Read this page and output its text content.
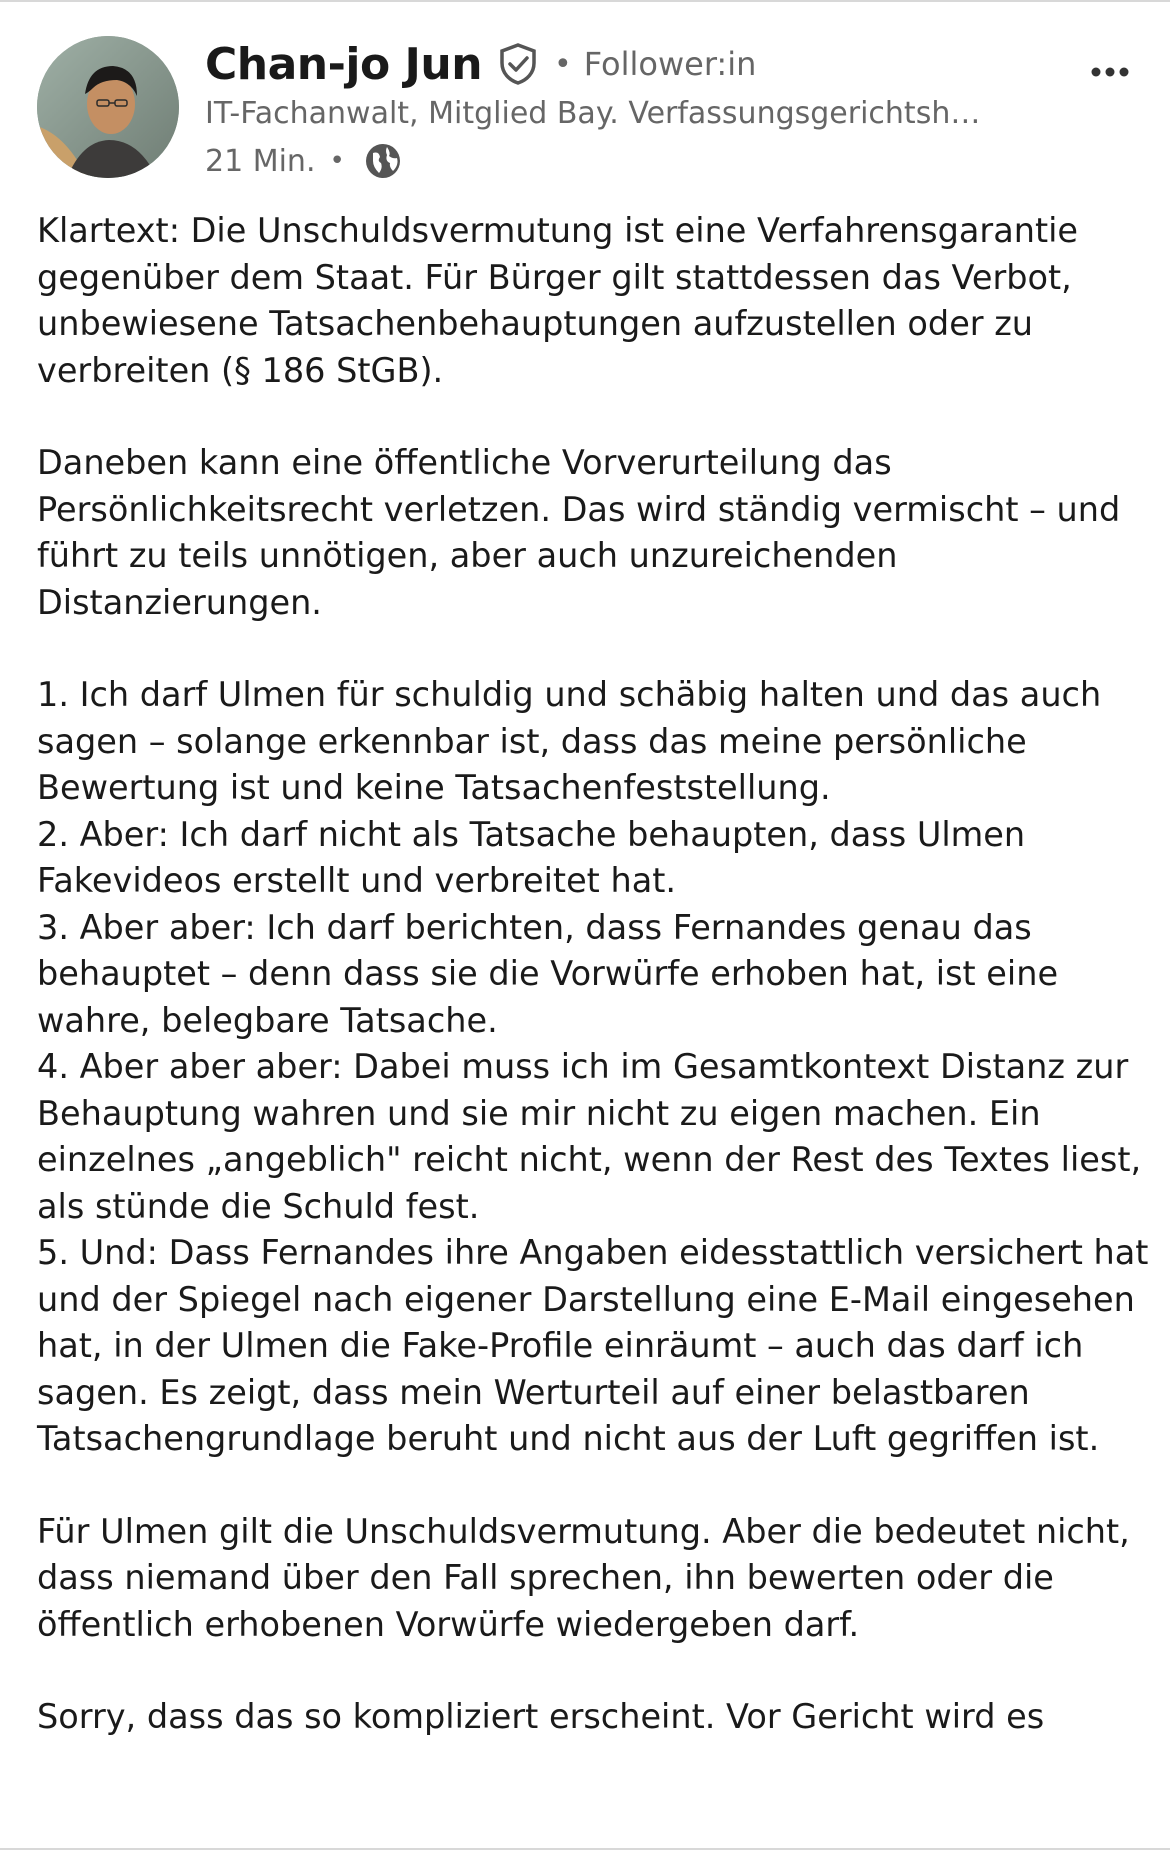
Chan-jo Jun • Follower:in
IT-Fachanwalt, Mitglied Bay. Verfassungsgerichtsh…
21 Min. •

Klartext: Die Unschuldsvermutung ist eine Verfahrensgarantie gegenüber dem Staat. Für Bürger gilt stattdessen das Verbot, unbewiesene Tatsachenbehauptungen aufzustellen oder zu verbreiten (§ 186 StGB).

Daneben kann eine öffentliche Vorverurteilung das Persönlichkeitsrecht verletzen. Das wird ständig vermischt – und führt zu teils unnötigen, aber auch unzureichenden Distanzierungen.

1. Ich darf Ulmen für schuldig und schäbig halten und das auch sagen – solange erkennbar ist, dass das meine persönliche Bewertung ist und keine Tatsachenfeststellung.

2. Aber: Ich darf nicht als Tatsache behaupten, dass Ulmen Fakevideos erstellt und verbreitet hat.

3. Aber aber: Ich darf berichten, dass Fernandes genau das behauptet – denn dass sie die Vorwürfe erhoben hat, ist eine wahre, belegbare Tatsache.

4. Aber aber aber: Dabei muss ich im Gesamtkontext Distanz zur Behauptung wahren und sie mir nicht zu eigen machen. Ein einzelnes „angeblich" reicht nicht, wenn der Rest des Textes liest, als stünde die Schuld fest.

5. Und: Dass Fernandes ihre Angaben eidesstattlich versichert hat und der Spiegel nach eigener Darstellung eine E-Mail eingesehen hat, in der Ulmen die Fake-Profile einräumt – auch das darf ich sagen. Es zeigt, dass mein Werturteil auf einer belastbaren Tatsachengrundlage beruht und nicht aus der Luft gegriffen ist.

Für Ulmen gilt die Unschuldsvermutung. Aber die bedeutet nicht, dass niemand über den Fall sprechen, ihn bewerten oder die öffentlich erhobenen Vorwürfe wiedergeben darf.

Sorry, dass das so kompliziert erscheint. Vor Gericht wird es
